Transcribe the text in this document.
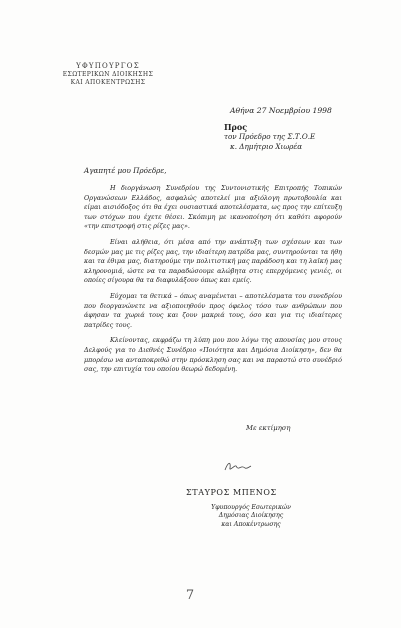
ΥΦΥΠΟΥΡΓΟΣ
ΕΣΩΤΕΡΙΚΩΝ ΔΙΟΙΚΗΣΗΣ
ΚΑΙ ΑΠΟΚΕΝΤΡΩΣΗΣ
Αθήνα 27 Νοεμβρίου 1998
Προς
τον Πρόεδρο της Σ.Τ.Ο.Ε
κ. Δημήτριο Χιωρέα
Αγαπητέ μου Πρόεδρε,

Η διοργάνωση Συνεδρίου της Συντονιστικής Επιτροπής Τοπικών Οργανώσεων Ελλάδος, ασφαλώς αποτελεί μια αξιόλογη πρωτοβουλία και είμαι αισιόδοξος ότι θα έχει ουσιαστικά αποτελέσματα, ως προς την επίτευξη των στόχων που έχετε θέσει. Σκόπιμη με ικανοποίηση ότι καθότι αφορούν «την επιστροφή στις ρίζες μας».

Είναι αλήθεια, ότι μέσα από την ανάπτυξη των σχέσεων και των δεσμών μας με τις ρίζες μας, την ιδιαίτερη πατρίδα μας, συντηρούνται τα ήθη και τα έθιμα μας, διατηρούμε την πολιτιστική μας παράδοση και τη λαϊκή μας κληρονομιά, ώστε να τα παραδώσουμε αλώβητα στις επερχόμενες γενιές, οι οποίες σίγουρα θα τα διαφυλάξουν όπως και εμείς.

Εύχομαι τα θετικά – όπως αναμένεται – αποτελέσματα του συνεδρίου που διοργανώνετε να αξιοποιηθούν προς όφελος τόσο των ανθρώπων που άφησαν τα χωριά τους και ζουν μακριά τους, όσο και για τις ιδιαίτερες πατρίδες τους.

Κλείνοντας, εκφράζω τη λύπη μου που λόγω της απουσίας μου στους Δελφούς για το Διεθνές Συνέδριο «Ποιότητα και Δημόσια Διοίκηση», δεν θα μπορέσω να ανταποκριθώ στην πρόσκληση σας και να παραστώ στο συνέδριό σας, την επιτυχία του οποίου θεωρώ δεδομένη.

Με εκτίμηση
ΣΤΑΥΡΟΣ ΜΠΕΝΟΣ
Υφυπουργός Εσωτερικών
Δημόσιας Διοίκησης
και Αποκέντρωσης
7
